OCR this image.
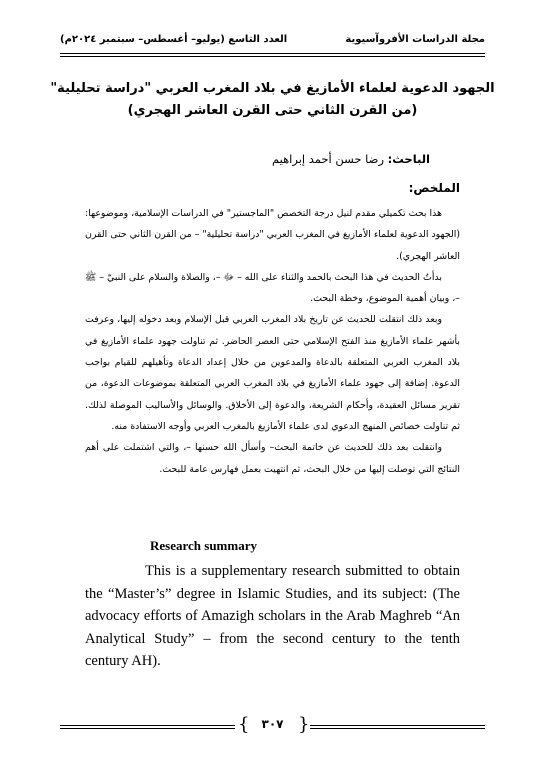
مجلة الدراسات الأفروآسيوية
العدد التاسع (يوليو– أغسطس– سبتمبر ٢٠٢٤م)
الجهود الدعوية لعلماء الأمازيغ في بلاد المغرب العربي "دراسة تحليلية"
(من القرن الثاني حتى القرن العاشر الهجري)
الباحث: رضا حسن أحمد إبراهيم
الملخص:

هذا بحث تكميلي مقدم لنيل درجة التخصص "الماجستير" في الدراسات الإسلامية، وموضوعها: (الجهود الدعوية لعلماء الأمازيغ في المغرب العربي "دراسة تحليلية" – من القرن الثاني حتى القرن العاشر الهجري).

بدأتُ الحديث في هذا البحث بالحمد والثناء على الله – ﷻ –، والصلاة والسلام على النبيّ – ﷺ –، وبيان أهمية الموضوع، وخطة البحث.

وبعد ذلك انتقلت للحديث عن تاريخ بلاد المغرب العربي قبل الإسلام وبعد دخوله إليها، وعرفت بأشهر علماء الأمازيغ منذ الفتح الإسلامي حتى العصر الحاضر. ثم تناولت جهود علماء الأمازيغ في بلاد المغرب العربي المتعلقة بالدعاة والمدعوين من خلال إعداد الدعاة وتأهيلهم للقيام بواجب الدعوة. إضافة إلى جهود علماء الأمازيغ في بلاد المغرب العربي المتعلقة بموضوعات الدعوة، من تقرير مسائل العقيدة، وأحكام الشريعة، والدعوة إلى الأخلاق. والوسائل والأساليب الموصلة لذلك. ثم تناولت خصائص المنهج الدعوي لدى علماء الأمازيغ بالمغرب العربي وأوجه الاستفادة منه.

وانتقلت بعد ذلك للحديث عن خاتمة البحث– وأسأل الله حسنها –، والتي اشتملت على أهم النتائج التي توصلت إليها من خلال البحث، ثم انتهيت بعمل فهارس عامة للبحث.

Research summary
This is a supplementary research submitted to obtain the “Master’s” degree in Islamic Studies, and its subject: (The advocacy efforts of Amazigh scholars in the Arab Maghreb “An Analytical Study” – from the second century to the tenth century AH).
{	٣٠٧ }
